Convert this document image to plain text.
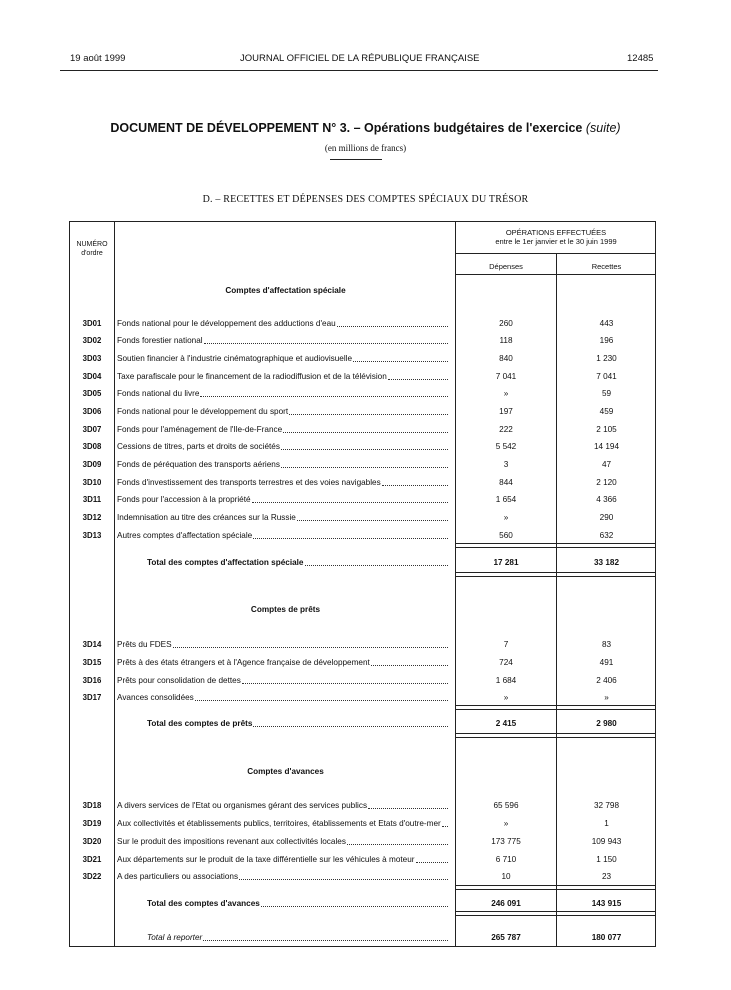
19 août 1999	JOURNAL OFFICIEL DE LA RÉPUBLIQUE FRANÇAISE	12485
DOCUMENT DE DÉVELOPPEMENT N° 3. – Opérations budgétaires de l'exercice (suite)
(en millions de francs)
D. – RECETTES ET DÉPENSES DES COMPTES SPÉCIAUX DU TRÉSOR
NUMÉRO
d'ordre
OPÉRATIONS EFFECTUÉES
entre le 1er janvier et le 30 juin 1999
Dépenses	Recettes
Comptes d'affectation spéciale
3D01	Fonds national pour le développement des adductions d'eau	260	443
3D02	Fonds forestier national	118	196
3D03	Soutien financier à l'industrie cinématographique et audiovisuelle	840	1 230
3D04	Taxe parafiscale pour le financement de la radiodiffusion et de la télévision	7 041	7 041
3D05	Fonds national du livre	»	59
3D06	Fonds national pour le développement du sport	197	459
3D07	Fonds pour l'aménagement de l'Ile-de-France	222	2 105
3D08	Cessions de titres, parts et droits de sociétés	5 542	14 194
3D09	Fonds de péréquation des transports aériens	3	47
3D10	Fonds d'investissement des transports terrestres et des voies navigables	844	2 120
3D11	Fonds pour l'accession à la propriété	1 654	4 366
3D12	Indemnisation au titre des créances sur la Russie	»	290
3D13	Autres comptes d'affectation spéciale	560	632
Total des comptes d'affectation spéciale	17 281	33 182
Comptes de prêts
3D14	Prêts du FDES	7	83
3D15	Prêts à des états étrangers et à l'Agence française de développement	724	491
3D16	Prêts pour consolidation de dettes	1 684	2 406
3D17	Avances consolidées	»	»
Total des comptes de prêts	2 415	2 980
Comptes d'avances
3D18	A divers services de l'Etat ou organismes gérant des services publics	65 596	32 798
3D19	Aux collectivités et établissements publics, territoires, établissements et Etats d'outre-mer	»	1
3D20	Sur le produit des impositions revenant aux collectivités locales	173 775	109 943
3D21	Aux départements sur le produit de la taxe différentielle sur les véhicules à moteur	6 710	1 150
3D22	A des particuliers ou associations	10	23
Total des comptes d'avances	246 091	143 915
Total à reporter	265 787	180 077
